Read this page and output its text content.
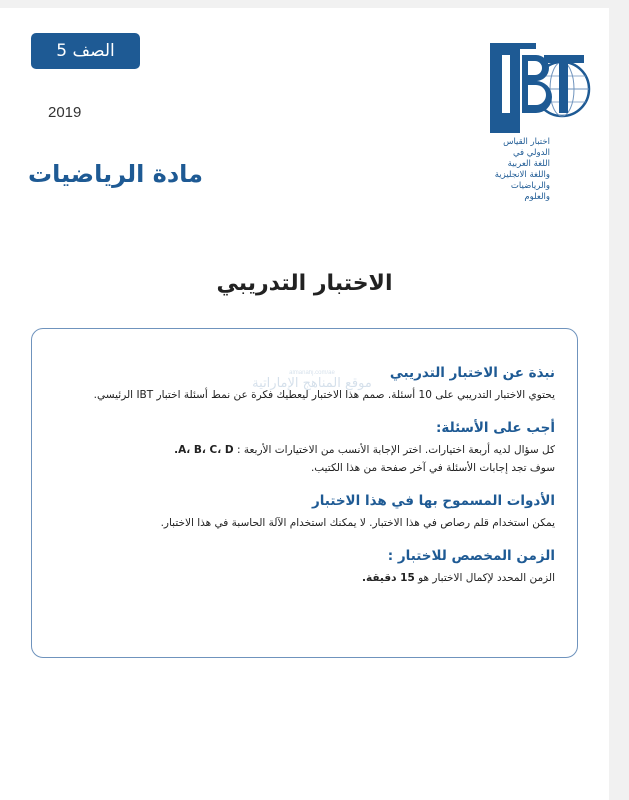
الصف 5
2019
مادة الرياضيات
اختبار القياس
الدولي في
اللغة العربية
واللغة الانجليزية
والرياضيات
والعلوم
الاختبار التدريبي
نبذة عن الاختبار التدريبي

يحتوي الاختبار التدريبي على 10 أسئلة. صمم هذا الاختبار ليعطيك فكرة عن نمط أسئلة اختبار IBT الرئيسي.

أجب على الأسئلة:

كل سؤال لديه أربعة اختيارات. اختر الإجابة الأنسب من الاختيارات الأربعة : A، B، C، D.

سوف تجد إجابات الأسئلة في آخر صفحة من هذا الكتيب.

الأدوات المسموح بها في هذا الاختبار

يمكن استخدام قلم رصاص في هذا الاختبار. لا يمكنك استخدام الآلة الحاسبة في هذا الاختبار.

الزمن المخصص للاختبار :

الزمن المحدد لإكمال الاختبار هو 15 دقيقة.

almanahj.com/ae
موقع المناهج الإماراتية
